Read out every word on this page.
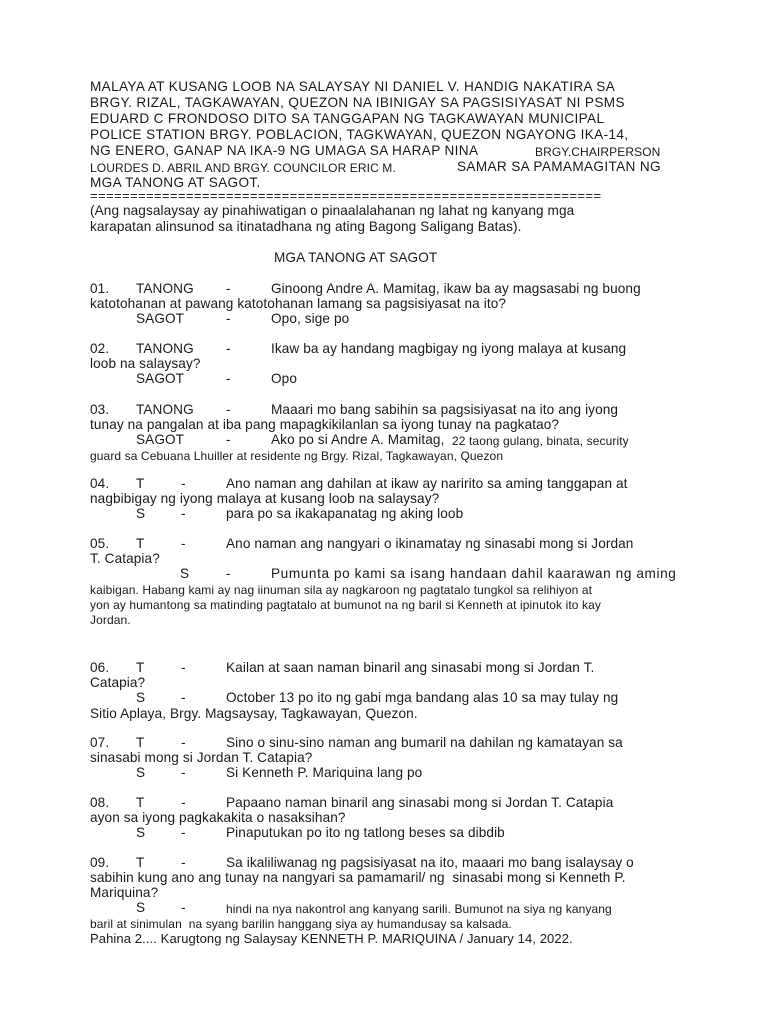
MALAYA AT KUSANG LOOB NA SALAYSAY NI DANIEL V. HANDIG NAKATIRA SA
BRGY. RIZAL, TAGKAWAYAN, QUEZON NA IBINIGAY SA PAGSISIYASAT NI PSMS
EDUARD C FRONDOSO DITO SA TANGGAPAN NG TAGKAWAYAN MUNICIPAL
POLICE STATION BRGY. POBLACION, TAGKWAYAN, QUEZON NGAYONG IKA-14,
NG ENERO, GANAP NA IKA-9 NG UMAGA SA HARAP NINA	BRGY.CHAIRPERSON
LOURDES D. ABRIL AND BRGY. COUNCILOR ERIC M.	SAMAR SA PAMAMAGITAN NG
MGA TANONG AT SAGOT.
================================================================
(Ang nagsalaysay ay pinahiwatigan o pinaalalahanan ng lahat ng kanyang mga
karapatan alinsunod sa itinatadhana ng ating Bagong Saligang Batas).
MGA TANONG AT SAGOT
01. TANONG -	Ginoong Andre A. Mamitag, ikaw ba ay magsasabi ng buong
katotohanan at pawang katotohanan lamang sa pagsisiyasat na ito?
SAGOT	-	Opo, sige po
02. TANONG -	Ikaw ba ay handang magbigay ng iyong malaya at kusang
loob na salaysay?
SAGOT	-	Opo
03. TANONG -	Maaari mo bang sabihin sa pagsisiyasat na ito ang iyong
tunay na pangalan at iba pang mapagkikilanlan sa iyong tunay na pagkatao?
SAGOT	-	Ako po si Andre A. Mamitag, 22 taong gulang, binata, security
guard sa Cebuana Lhuiller at residente ng Brgy. Rizal, Tagkawayan, Quezon
04. T	-	Ano naman ang dahilan at ikaw ay naririto sa aming tanggapan at
nagbibigay ng iyong malaya at kusang loob na salaysay?
S	-	para po sa ikakapanatag ng aking loob
05. T	-	Ano naman ang nangyari o ikinamatay ng sinasabi mong si Jordan
T. Catapia?
S	-	Pumunta po kami sa isang handaan dahil kaarawan ng aming
kaibigan. Habang kami ay nag iinuman sila ay nagkaroon ng pagtatalo tungkol sa relihiyon at
yon ay humantong sa matinding pagtatalo at bumunot na ng baril si Kenneth at ipinutok ito kay
Jordan.
06. T	-	Kailan at saan naman binaril ang sinasabi mong si Jordan T.
Catapia?
S	-	October 13 po ito ng gabi mga bandang alas 10 sa may tulay ng
Sitio Aplaya, Brgy. Magsaysay, Tagkawayan, Quezon.
07. T	-	Sino o sinu-sino naman ang bumaril na dahilan ng kamatayan sa
sinasabi mong si Jordan T. Catapia?
S	-	Si Kenneth P. Mariquina lang po
08. T	-	Papaano naman binaril ang sinasabi mong si Jordan T. Catapia
ayon sa iyong pagkakakita o nasaksihan?
S	-	Pinaputukan po ito ng tatlong beses sa dibdib
09. T	-	Sa ikaliliwanag ng pagsisiyasat na ito, maaari mo bang isalaysay o
sabihin kung ano ang tunay na nangyari sa pamamaril/ ng  sinasabi mong si Kenneth P.
Mariquina?
S	-	hindi na nya nakontrol ang kanyang sarili. Bumunot na siya ng kanyang
baril at sinimulan  na syang barilin hanggang siya ay humandusay sa kalsada.
Pahina 2.... Karugtong ng Salaysay KENNETH P. MARIQUINA / January 14, 2022.
